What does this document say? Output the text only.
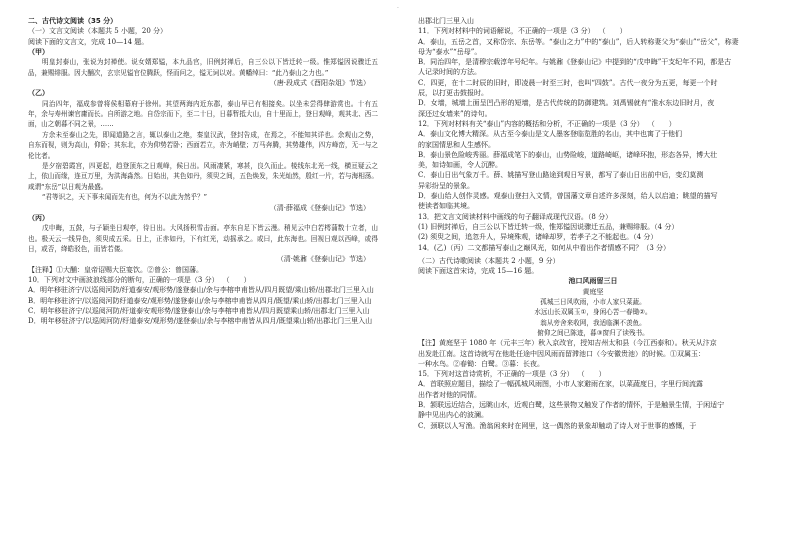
·
二、古代诗文阅读（35 分）
（一）文言文阅读（本题共 5 小题，20 分）
阅读下面的文言文，完成 10—14 题。
（甲）
明皇封泰山，张说为封禅使。说女婿郑镒，本九品官，旧例封禅后，自三公以下皆迁转一级。惟郑镒因说骤迁五品，兼赐绯服。因大酺次，玄宗见镒官位腾跃，怪而问之，镒无词以对。黄幡绰曰：“此乃泰山之力也。”
（唐·段成式《酉阳杂俎》节选）
（乙）
同治四年，福成参曾将侯相幕府于徐州。其望两海内近东郡，泰山早已有相接矣。以坐未尝得肆游赏也。十有五年，余与寿州谏官庸而长。自所游之地。自岱宗而下，至二十日，日暮暂抵大山，自十里而上，登日观峰，观其北、西二面，山之朝暮不同之景，……
方余未至泰山之先，即闻道路之言，辄以泰山之绝，秦皇汉武，登封告成，在焉之，不能知其详也。余观山之势，自东而视，则为高山，仰卧；其东北，亦为仰势若卧；西面若立，亦为峭壁；万马奔腾，其势雄伟，四方峰峦，无一与之伦比者。
是夕宿碧霞宫，四更起，趋登顶东之日观峰，候日出。风雨凄紧，寒甚，良久而止。棱线东北光一线，横亘疑云之上，依山而缘，连亘万里，为洪海淼然。日始出，其色如丹，须臾之间，五色焕发，朱光灿然，殷红一片，若与海相荡。咸谓“东岳”以日观为最盛。
“君等识之，天下事未闻而先有也，何为不以此为然乎？”
（清·薛福成《登泰山记》节选）
（丙）
戊申晦，五鼓，与子颖坐日观亭，待日出。大风扬积雪击面。亭东自足下皆云漫。稍见云中白若樗蒲数十立者，山也。极天云一线异色，须臾成五采。日上，正赤如丹，下有红光，动摇承之。或曰，此东海也。回视日观以西峰，或得日，或否，绛皓驳色，而皆若偻。
（清·姚鼐《登泰山记》节选）
【注释】①大酺：皇帝诏赐大臣宴饮。②曾公：曾国藩。
10．下列对文中画波浪线部分的断句，正确的一项是（3 分） （　　）
A．明年移驻济宁/以巡阅河防/纡道泰安/观形势/遂登泰山/余与李榕申甫皆从/四月既望/乘山轿/出郡北门三里入山
B．明年移驻济宁/以巡阅河防纡道泰安/观形势/遂登泰山/余与李榕申甫皆从四月/既望/乘山轿/出郡北门三里入山
C．明年移驻济宁/以巡阅河防/纡道泰安观形势/遂登泰山/余与李榕申甫皆从/四月既望乘山轿/出郡北门三里入山
D．明年移驻济宁/以巡阅河防/纡道泰安/观形势/遂登泰山/余与李榕申甫皆从四月/既望乘山轿/出郡北门三里入山
出郡北门三里入山
11．下列对材料中的词语解说，不正确的一项是（3 分） （　　）
A．泰山，五岳之首，又称岱宗、东岳等。“泰山之力”中的“泰山”，后人转称妻父为“泰山”“岳父”，称妻
母为“泰水”“岳母”。
B．同治四年，是清穆宗载淳年号纪年。与姚鼐《登泰山记》中提到的“戊申晦”干支纪年不同，都是古
人记录时间的方法。
C．四更，在十二时辰的旧时，即凌晨一时至三时，也叫“四鼓”。古代一夜分为五更，每更一个时
辰，以打更击鼓报时。
D．女墙，城墙上面呈凹凸形的短墙，是古代传统的防御建筑。刘禹锡就有“淮水东边旧时月，夜
深还过女墙来”的诗句。
12．下列对材料有关“泰山”内容的概括和分析，不正确的一项是（3 分） （　　）
A．泰山文化博大精深。从古至今泰山是文人墨客登临览胜的名山，其中也寓了于他们
的家国情思和人生感怀。
B．泰山景色险峻秀丽。薛福成笔下的泰山，山势险峻，道路崎岖，诸峰环抱，形态各异，博大壮
美，如诗如画，令人沉醉。
C．泰山日出气象万千。薛、姚描写登山路途到观日写景，都写了泰山日出前中后，变幻莫测
异彩纷呈的景象。
D．泰山给人创作灵感。观泰山登扫入文情，曾国藩文章自述许多深刻，给人以启迪；眺望的描写
使读者如临其境。
13．把文言文阅读材料中画线的句子翻译成现代汉语。（8 分）
(1) 旧例封禅后，自三公以下皆迁转一级，惟郑镒因说骤迁五品，兼赐绯服。（4 分）
(2) 须臾之间，追忽升人，异境殊观，诸峰却罗，若孝子之不能起也。（4 分）
14．(乙)（丙）二文都描写泰山之巅风光，如何从中看出作者情感不同？（3 分）
（二）古代诗歌阅读（本题共 2 小题，9 分）
阅读下面这首宋诗，完成 15—16 题。
池口风雨留三日
黄庭坚
孤城三日风吹雨，小市人家只菜蔬。
水远山长双属玉①，身闲心苦一春锄②。
翁从旁舍来收网，我适临渊不羡鱼。
俯仰之间已陈迹，暮③窗归了读残书。
【注】黄庭坚于 1080 年（元丰三年）秋入京改官，授知吉州太和县（今江西泰和）。秋天从汴京
出发赴江南。这首诗就写在他赴任途中因风雨而留滞池口（今安徽贵池）的时候。①双属玉：
一种水鸟。②春锄：白鹭。③暮：长夜。
15．下列对这首诗赏析，不正确的一项是（3 分） （　　）
A．首联照应题目，描绘了一幅孤城风雨图，小市人家避雨在家，以菜蔬度日，字里行间流露
出作者对他的同情。
B．颔联远近结合，远眺山水，近观白鹭，这些景物又触发了作者的情怀，于是触景生情，于闲适宁
静中见出内心的波澜。
C．颈联以人写渔。渔翁闲来时在网里，这一偶然的景象却触动了诗人对于世事的感慨，于
